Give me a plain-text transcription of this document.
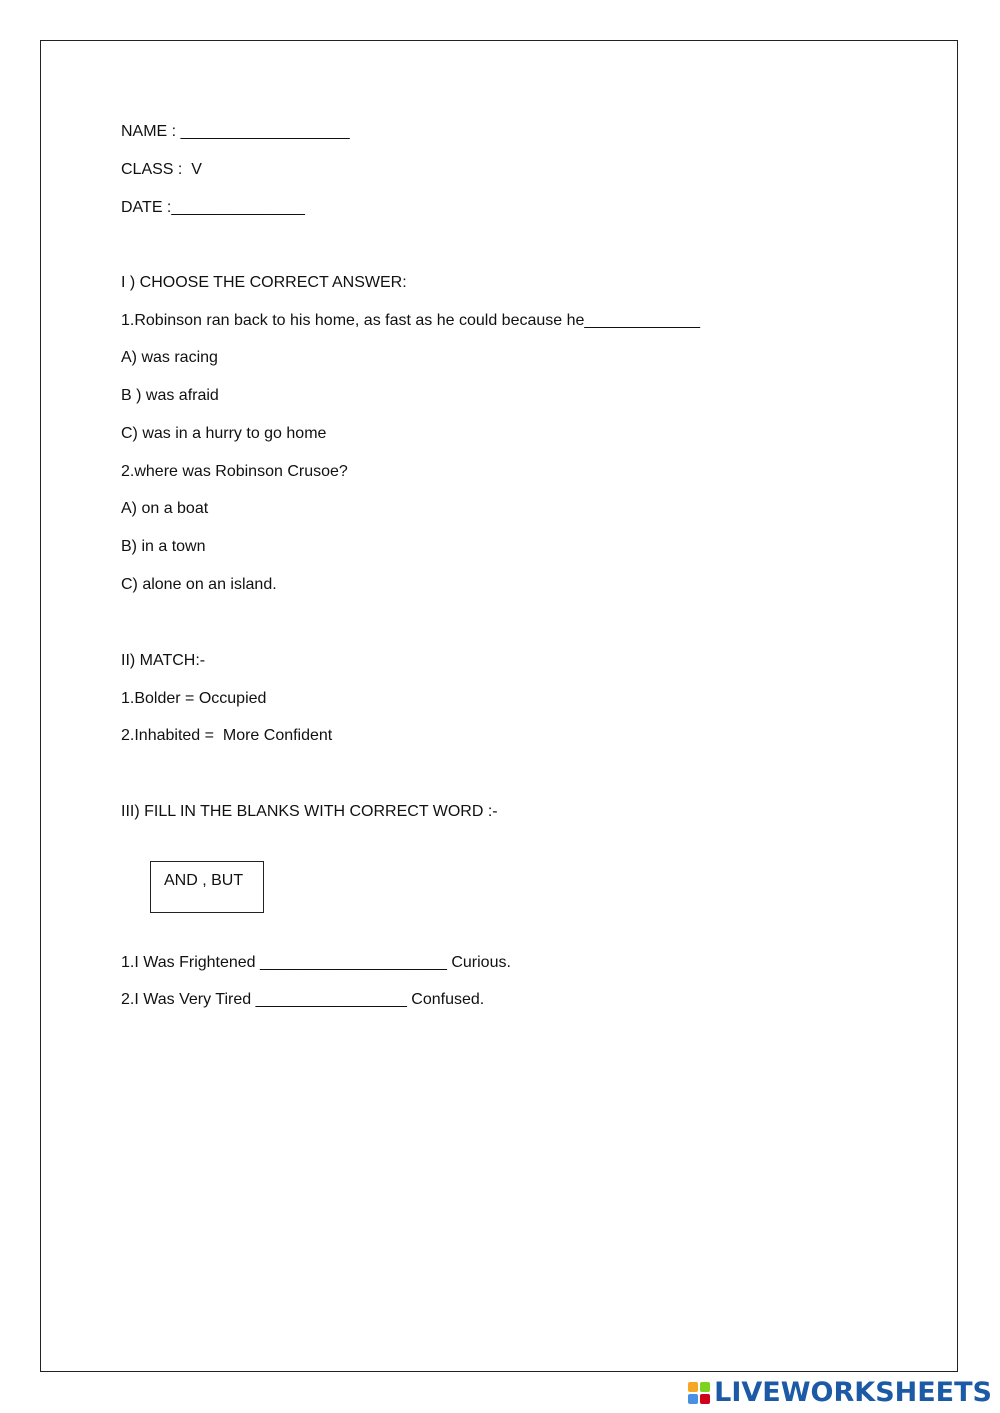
NAME : ___________________
CLASS :  V
DATE :_______________
I ) CHOOSE THE CORRECT ANSWER:
1.Robinson ran back to his home, as fast as he could because he_____________
A) was racing
B ) was afraid
C) was in a hurry to go home
2.where was Robinson Crusoe?
A) on a boat
B) in a town
C) alone on an island.
II) MATCH:-
1.Bolder = Occupied
2.Inhabited =  More Confident
III) FILL IN THE BLANKS WITH CORRECT WORD :-
AND , BUT
1.I Was Frightened _____________________ Curious.
2.I Was Very Tired _________________ Confused.
LIVEWORKSHEETS
